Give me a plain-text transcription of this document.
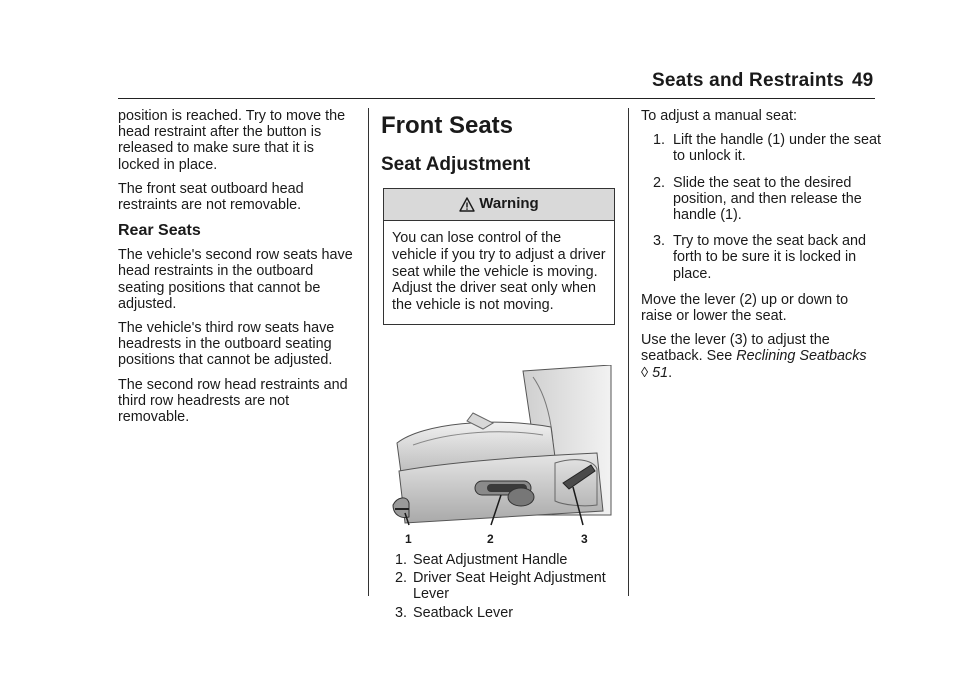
Seats and Restraints 49

position is reached. Try to move the head restraint after the button is released to make sure that it is locked in place.

The front seat outboard head restraints are not removable.

Rear Seats

The vehicle's second row seats have head restraints in the outboard seating positions that cannot be adjusted.

The vehicle's third row seats have headrests in the outboard seating positions that cannot be adjusted.

The second row head restraints and third row headrests are not removable.

Front Seats
Seat Adjustment
Warning
You can lose control of the vehicle if you try to adjust a driver seat while the vehicle is moving. Adjust the driver seat only when the vehicle is not moving.
1	2	3
1. Seat Adjustment Handle
2. Driver Seat Height Adjustment Lever
3. Seatback Lever

To adjust a manual seat:

1. Lift the handle (1) under the seat to unlock it.
2. Slide the seat to the desired position, and then release the handle (1).
3. Try to move the seat back and forth to be sure it is locked in place.

Move the lever (2) up or down to raise or lower the seat.

Use the lever (3) to adjust the seatback. See Reclining Seatbacks
◊ 51.
